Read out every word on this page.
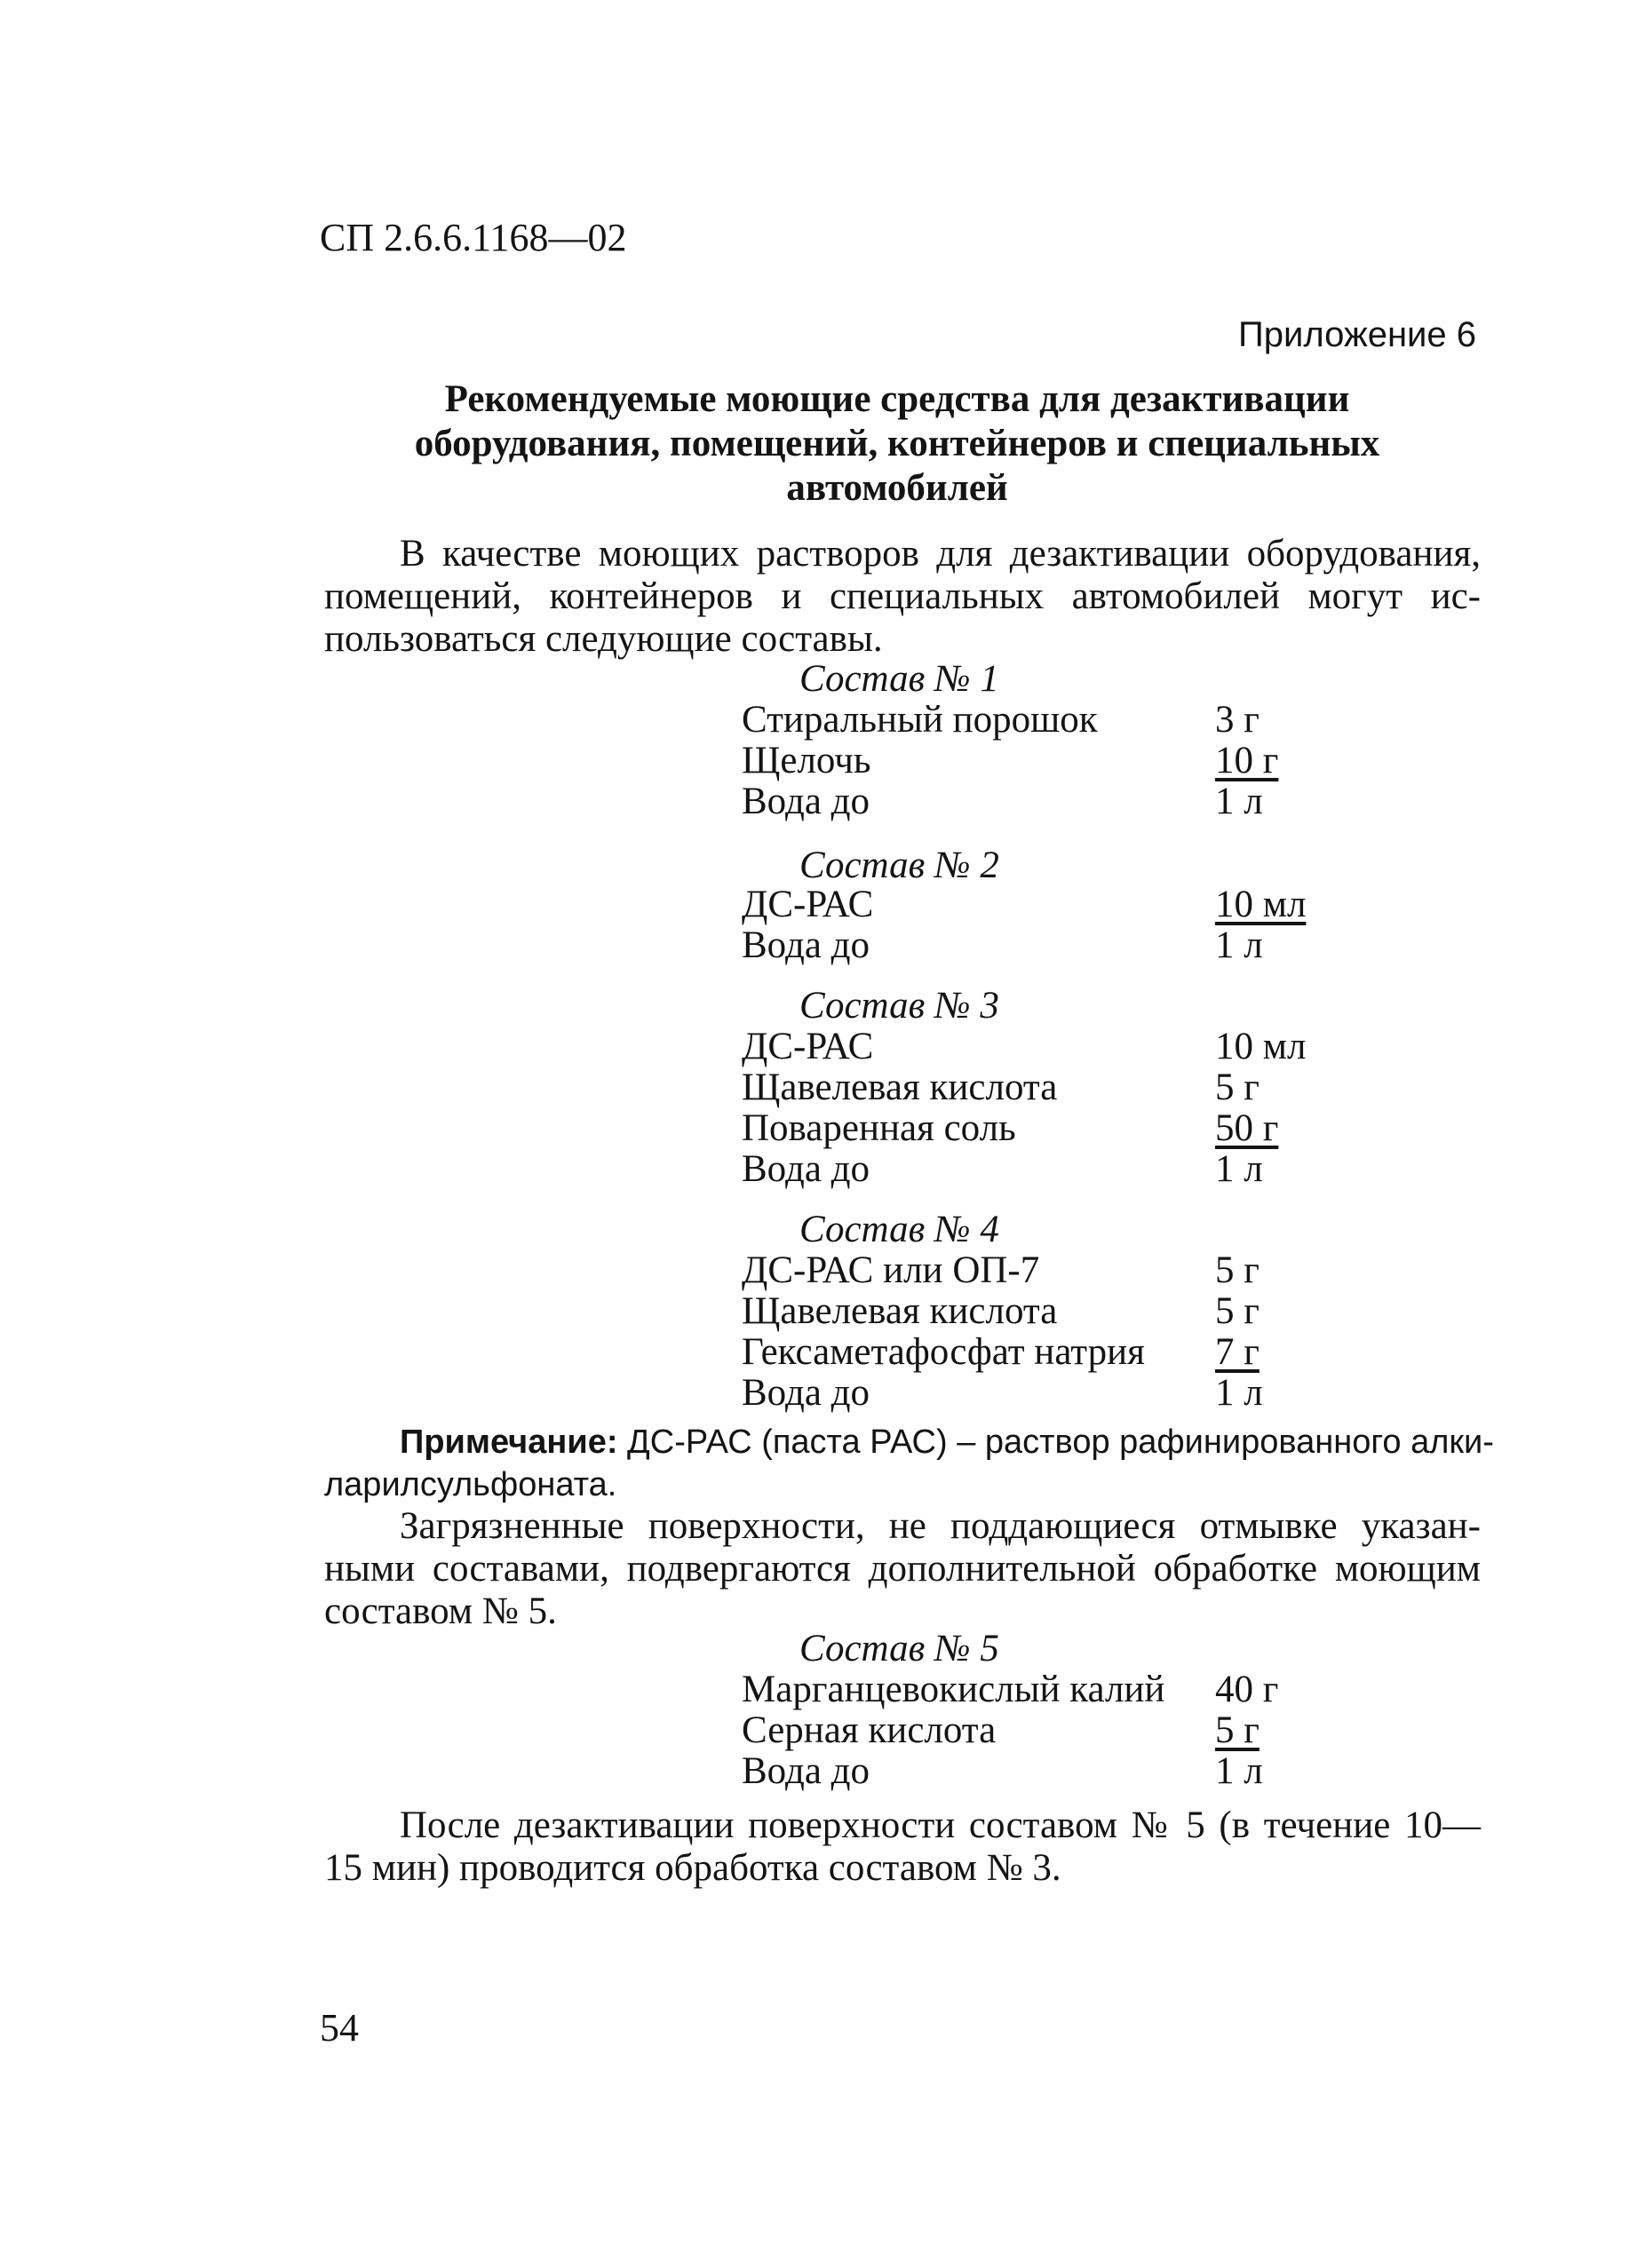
СП 2.6.6.1168—02
Приложение 6
Рекомендуемые моющие средства для дезактивации
оборудования, помещений, контейнеров и специальных
автомобилей
В качестве моющих растворов для дезактивации оборудования,
помещений, контейнеров и специальных автомобилей могут ис-
пользоваться следующие составы.
Состав № 1
Стиральный порошок	3 г
Щелочь	10 г
Вода до	1 л
Состав № 2
ДС-РАС	10 мл
Вода до	1 л
Состав № 3
ДС-РАС	10 мл
Щавелевая кислота	5 г
Поваренная соль	50 г
Вода до	1 л
Состав № 4
ДС-РАС или ОП-7	5 г
Щавелевая кислота	5 г
Гексаметафосфат натрия 7 г
Вода до	1 л
Примечание: ДС-РАС (паста РАС) – раствор рафинированного алки-
ларилсульфоната.
Загрязненные поверхности, не поддающиеся отмывке указан-
ными составами, подвергаются дополнительной обработке моющим
составом № 5.
Состав № 5
Марганцевокислый калий 40 г
Серная кислота	5 г
Вода до	1 л
После дезактивации поверхности составом № 5 (в течение 10—
15 мин) проводится обработка составом № 3.
54
